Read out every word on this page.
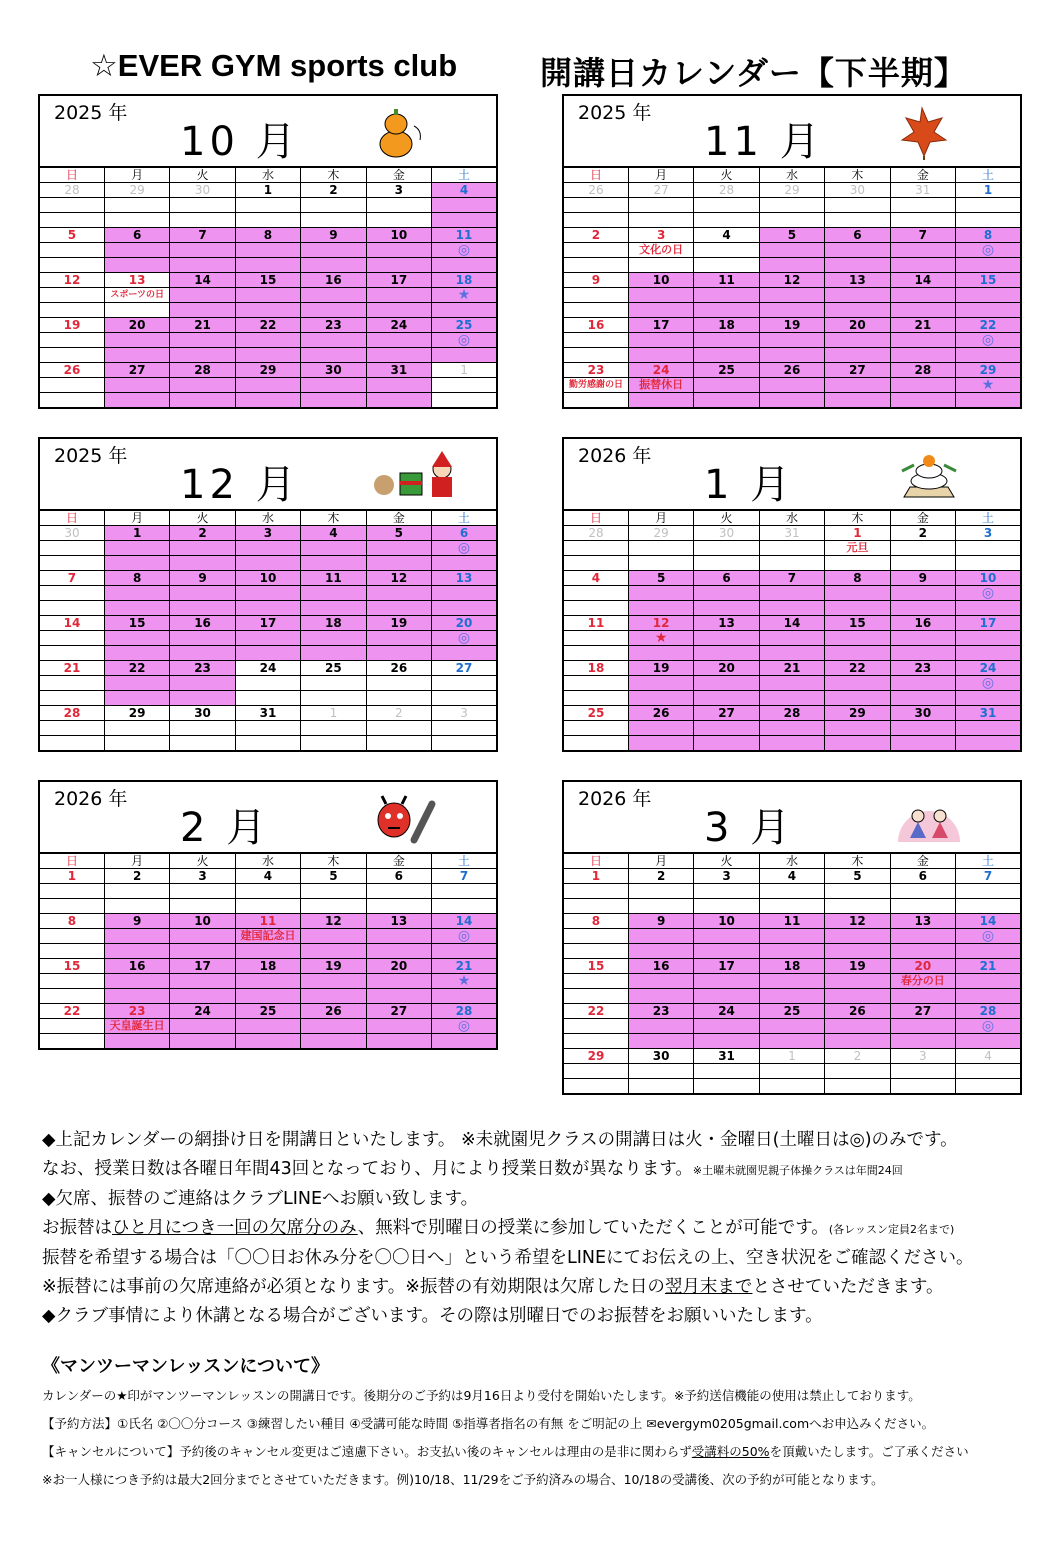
☆EVER GYM sports club	開講日カレンダー【下半期】
2025 年
10 月
日	月	火	水	木	金	土
28	29	30	1	2	3	4

5	6	7	8	9	10	11
						◎

12	13	14	15	16	17	18
	スポーツの日					★

19	20	21	22	23	24	25
						◎

26	27	28	29	30	31	1

2025 年
11 月
日	月	火	水	木	金	土
26	27	28	29	30	31	1

2	3	4	5	6	7	8
	文化の日					◎

9	10	11	12	13	14	15

16	17	18	19	20	21	22
						◎

23	24	25	26	27	28	29
勤労感謝の日	振替休日					★

2025 年
12 月
日	月	火	水	木	金	土
30	1	2	3	4	5	6
						◎

7	8	9	10	11	12	13

14	15	16	17	18	19	20
						◎

21	22	23	24	25	26	27

28	29	30	31	1	2	3

2026 年
1 月
日	月	火	水	木	金	土
28	29	30	31	1	2	3
				元旦		

4	5	6	7	8	9	10
						◎

11	12	13	14	15	16	17
	★					

18	19	20	21	22	23	24
						◎

25	26	27	28	29	30	31

2026 年
2 月
日	月	火	水	木	金	土
1	2	3	4	5	6	7

8	9	10	11	12	13	14
			建国記念日			◎

15	16	17	18	19	20	21
						★

22	23	24	25	26	27	28
	天皇誕生日					◎

2026 年
3 月
日	月	火	水	木	金	土
1	2	3	4	5	6	7

8	9	10	11	12	13	14
						◎

15	16	17	18	19	20	21
					春分の日	

22	23	24	25	26	27	28
						◎

29	30	31	1	2	3	4

◆上記カレンダーの網掛け日を開講日といたします。 ※未就園児クラスの開講日は火・金曜日(土曜日は◎)のみです。
なお、授業日数は各曜日年間43回となっており、月により授業日数が異なります。※土曜未就園児親子体操クラスは年間24回
◆欠席、振替のご連絡はクラブLINEへお願い致します。
お振替はひと月につき一回の欠席分のみ、無料で別曜日の授業に参加していただくことが可能です。(各レッスン定員2名まで)
振替を希望する場合は「〇〇日お休み分を〇〇日へ」という希望をLINEにてお伝えの上、空き状況をご確認ください。
※振替には事前の欠席連絡が必須となります。※振替の有効期限は欠席した日の翌月末までとさせていただきます。
◆クラブ事情により休講となる場合がございます。その際は別曜日でのお振替をお願いいたします。
《マンツーマンレッスンについて》
カレンダーの★印がマンツーマンレッスンの開講日です。後期分のご予約は9月16日より受付を開始いたします。※予約送信機能の使用は禁止しております。
【予約方法】①氏名 ②〇〇分コース ③練習したい種目 ④受講可能な時間 ⑤指導者指名の有無 をご明記の上 ✉evergym0205gmail.comへお申込みください。
【キャンセルについて】予約後のキャンセル変更はご遠慮下さい。お支払い後のキャンセルは理由の是非に関わらず受講料の50%を頂戴いたします。ご了承ください
※お一人様につき予約は最大2回分までとさせていただきます。例)10/18、11/29をご予約済みの場合、10/18の受講後、次の予約が可能となります。
